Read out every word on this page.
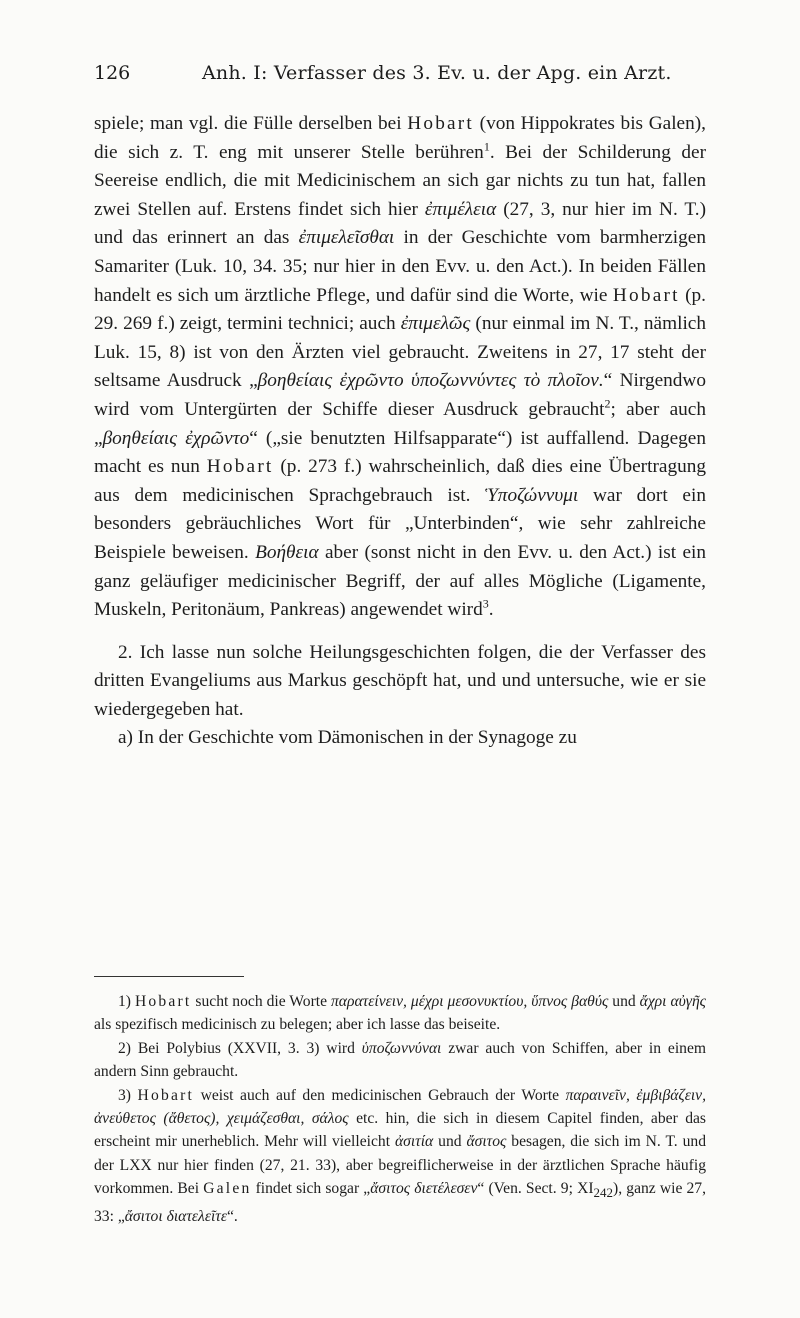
126	Anh. I: Verfasser des 3. Ev. u. der Apg. ein Arzt.

spiele; man vgl. die Fülle derselben bei Hobart (von Hippokrates bis Galen), die sich z. T. eng mit unserer Stelle berühren$^1$. Bei der Schilderung der Seereise endlich, die mit Medicinischem an sich gar nichts zu tun hat, fallen zwei Stellen auf. Erstens findet sich hier ἐπιμέλεια (27, 3, nur hier im N. T.) und das erinnert an das ἐπιμελεῖσθαι in der Geschichte vom barmherzigen Samariter (Luk. 10, 34. 35; nur hier in den Evv. u. den Act.). In beiden Fällen handelt es sich um ärztliche Pflege, und dafür sind die Worte, wie Hobart (p. 29. 269 f.) zeigt, termini technici; auch ἐπιμελῶς (nur einmal im N. T., nämlich Luk. 15, 8) ist von den Ärzten viel gebraucht. Zweitens in 27, 17 steht der seltsame Ausdruck „βοηθείαις ἐχρῶντο ὑποζωννύντες τὸ πλοῖον.“ Nirgendwo wird vom Untergürten der Schiffe dieser Ausdruck gebraucht$^2$; aber auch „βοηθείαις ἐχρῶντο“ („sie benutzten Hilfsapparate“) ist auffallend. Dagegen macht es nun Hobart (p. 273 f.) wahrscheinlich, daß dies eine Übertragung aus dem medicinischen Sprachgebrauch ist. Ὑποζώννυμι war dort ein besonders gebräuchliches Wort für „Unterbinden“, wie sehr zahlreiche Beispiele beweisen. Βοήθεια aber (sonst nicht in den Evv. u. den Act.) ist ein ganz geläufiger medicinischer Begriff, der auf alles Mögliche (Ligamente, Muskeln, Peritonäum, Pankreas) angewendet wird$^3$.

2. Ich lasse nun solche Heilungsgeschichten folgen, die der Verfasser des dritten Evangeliums aus Markus geschöpft hat, und und untersuche, wie er sie wiedergegeben hat.

a) In der Geschichte vom Dämonischen in der Synagoge zu

1) Hobart sucht noch die Worte παρατείνειν, μέχρι μεσονυκτίου, ὕπνος βαθύς und ἄχρι αὐγῆς als spezifisch medicinisch zu belegen; aber ich lasse das beiseite.

2) Bei Polybius (XXVII, 3. 3) wird ὑποζωννύναι zwar auch von Schiffen, aber in einem andern Sinn gebraucht.

3) Hobart weist auch auf den medicinischen Gebrauch der Worte παραινεῖν, ἐμβιβάζειν, ἀνεύθετος (ἄθετος), χειμάζεσθαι, σάλος etc. hin, die sich in diesem Capitel finden, aber das erscheint mir unerheblich. Mehr will vielleicht ἀσιτία und ἄσιτος besagen, die sich im N. T. und der LXX nur hier finden (27, 21. 33), aber begreiflicherweise in der ärztlichen Sprache häufig vorkommen. Bei Galen findet sich sogar „ἄσιτος διετέλεσεν“ (Ven. Sect. 9; $XI_{242}$), ganz wie 27, 33: „ἄσιτοι διατελεῖτε“.
